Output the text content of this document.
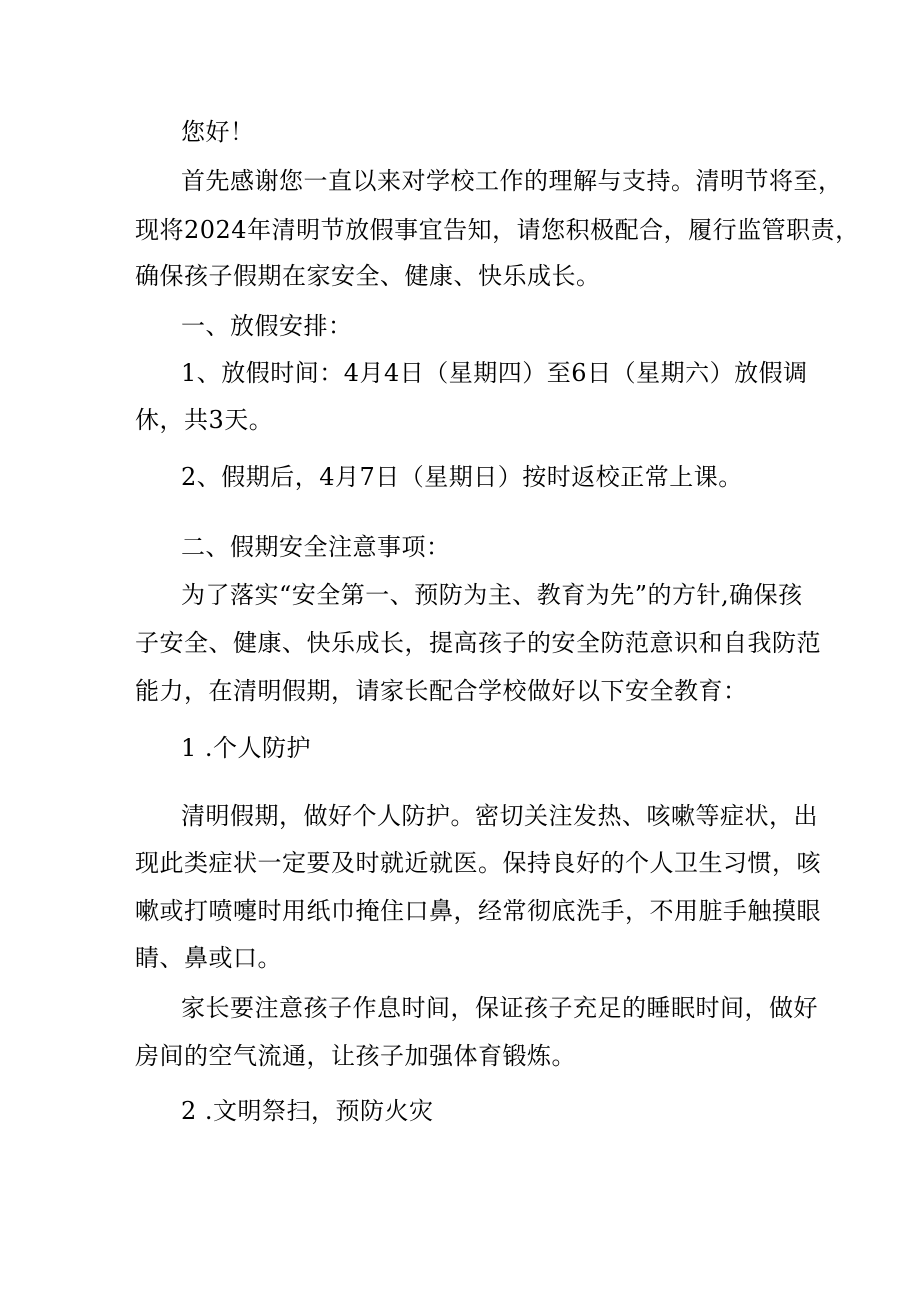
您好！
首先感谢您一直以来对学校工作的理解与支持。清明节将至，
现将2024年清明节放假事宜告知，请您积极配合，履行监管职责，
确保孩子假期在家安全、健康、快乐成长。
一、放假安排：
1、放假时间：4月4日（星期四）至6日（星期六）放假调
休，共3天。
2、假期后，4月7日（星期日）按时返校正常上课。
二、假期安全注意事项：
为了落实“安全第一、预防为主、教育为先”的方针,确保孩
子安全、健康、快乐成长，提高孩子的安全防范意识和自我防范
能力，在清明假期，请家长配合学校做好以下安全教育：
1 .个人防护
清明假期，做好个人防护。密切关注发热、咳嗽等症状，出
现此类症状一定要及时就近就医。保持良好的个人卫生习惯，咳
嗽或打喷嚏时用纸巾掩住口鼻，经常彻底洗手，不用脏手触摸眼
睛、鼻或口。
家长要注意孩子作息时间，保证孩子充足的睡眠时间，做好
房间的空气流通，让孩子加强体育锻炼。
2 .文明祭扫，预防火灾
